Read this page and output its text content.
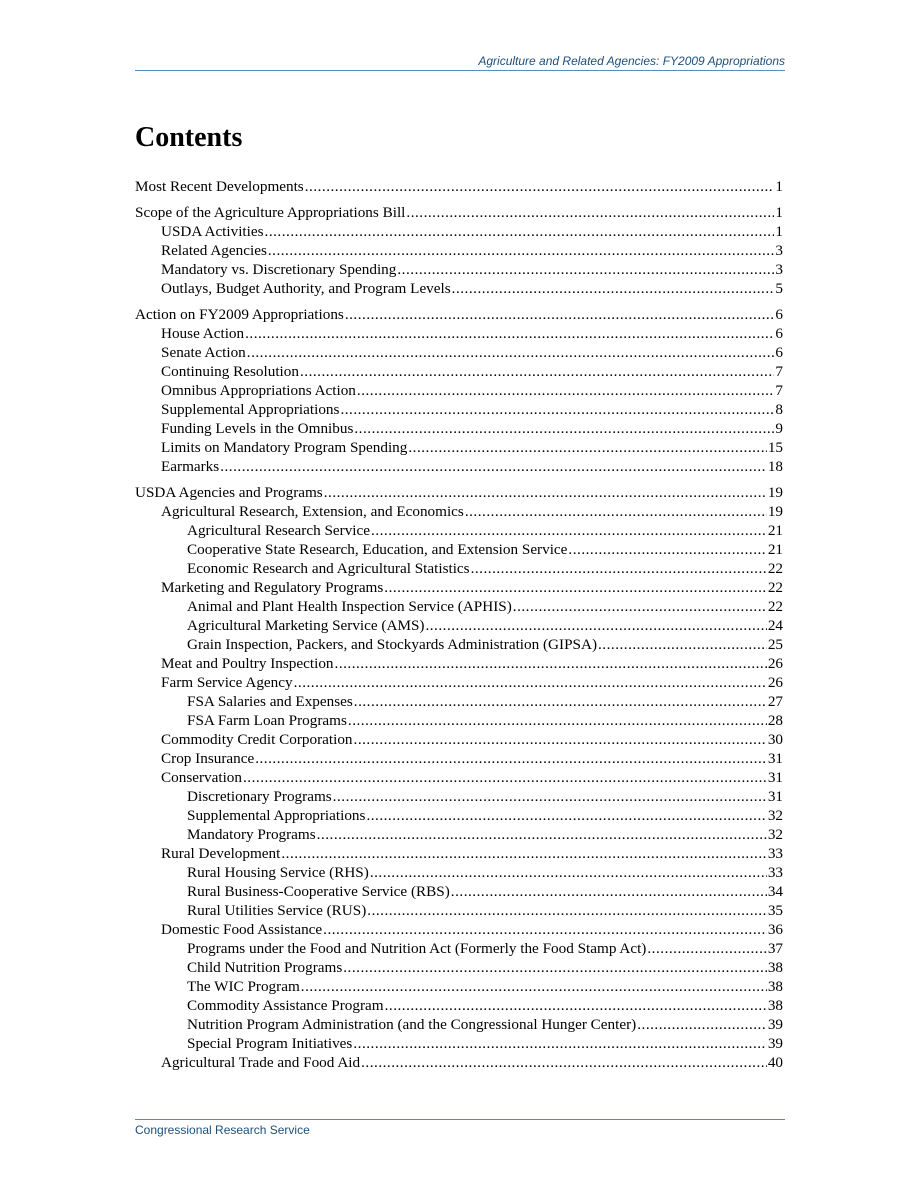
Agriculture and Related Agencies: FY2009 Appropriations
Contents
Most Recent Developments .....	1
Scope of the Agriculture Appropriations Bill .....	1
USDA Activities .....	1
Related Agencies .....	3
Mandatory vs. Discretionary Spending .....	3
Outlays, Budget Authority, and Program Levels .....	5
Action on FY2009 Appropriations .....	6
House Action .....	6
Senate Action .....	6
Continuing Resolution .....	7
Omnibus Appropriations Action .....	7
Supplemental Appropriations .....	8
Funding Levels in the Omnibus .....	9
Limits on Mandatory Program Spending .....	15
Earmarks .....	18
USDA Agencies and Programs .....	19
Agricultural Research, Extension, and Economics .....	19
Agricultural Research Service .....	21
Cooperative State Research, Education, and Extension Service .....	21
Economic Research and Agricultural Statistics .....	22
Marketing and Regulatory Programs .....	22
Animal and Plant Health Inspection Service (APHIS) .....	22
Agricultural Marketing Service (AMS) .....	24
Grain Inspection, Packers, and Stockyards Administration (GIPSA) .....	25
Meat and Poultry Inspection .....	26
Farm Service Agency .....	26
FSA Salaries and Expenses .....	27
FSA Farm Loan Programs .....	28
Commodity Credit Corporation .....	30
Crop Insurance .....	31
Conservation .....	31
Discretionary Programs .....	31
Supplemental Appropriations .....	32
Mandatory Programs .....	32
Rural Development .....	33
Rural Housing Service (RHS) .....	33
Rural Business-Cooperative Service (RBS) .....	34
Rural Utilities Service (RUS) .....	35
Domestic Food Assistance .....	36
Programs under the Food and Nutrition Act (Formerly the Food Stamp Act) .....	37
Child Nutrition Programs .....	38
The WIC Program .....	38
Commodity Assistance Program .....	38
Nutrition Program Administration (and the Congressional Hunger Center) .....	39
Special Program Initiatives .....	39
Agricultural Trade and Food Aid .....	40
Congressional Research Service
